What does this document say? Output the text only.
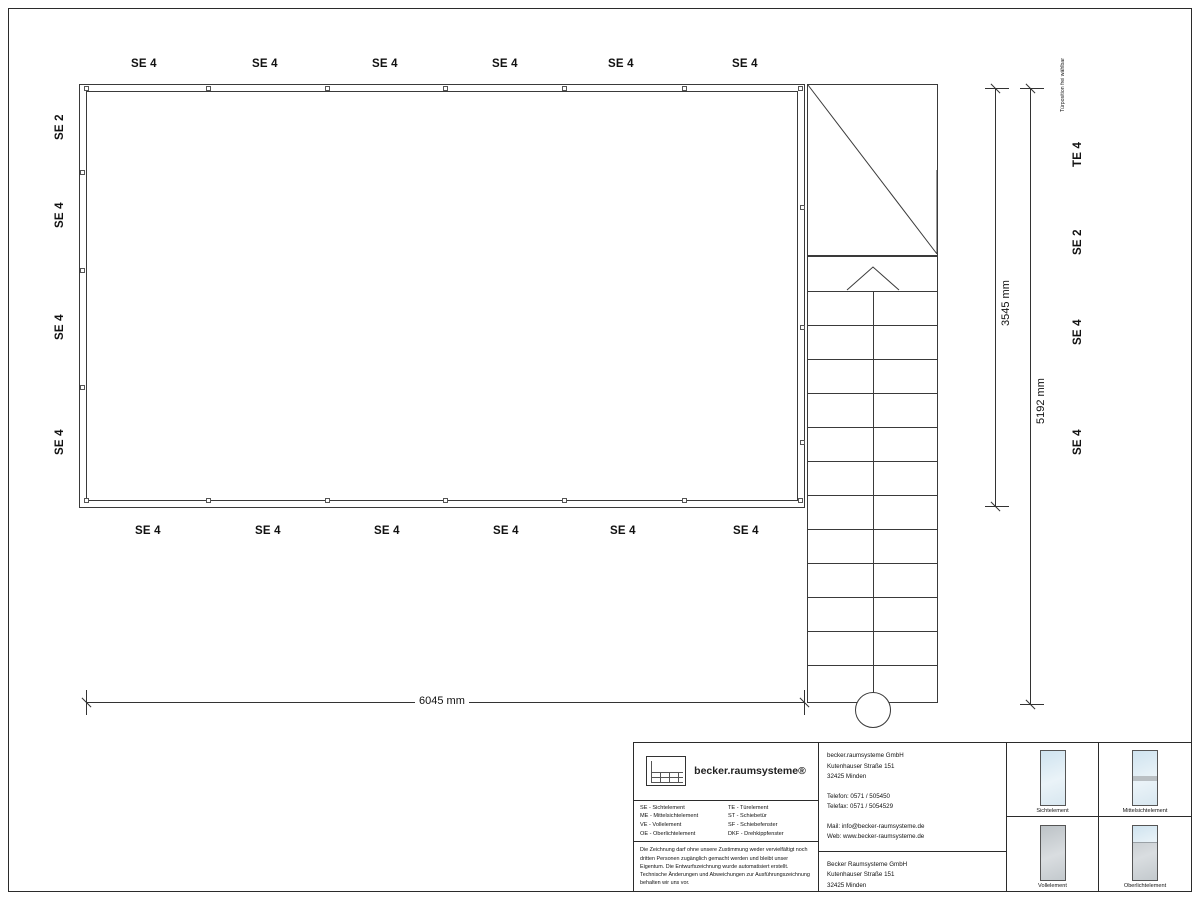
SE 4	SE 4	SE 4	SE 4	SE 4	SE 4
SE 4	SE 4	SE 4	SE 4	SE 4	SE 4
SE 2
SE 4
SE 4
SE 4
TE 4
SE 2
SE 4
SE 4
Türposition frei wählbar
6045 mm
3545 mm
5192 mm
becker.raumsysteme®
SE - Sichtelement	TE - Türelement
ME - Mittelsichtelement	ST - Schiebetür
VE - Vollelement	SF - Schiebefenster
OE - Oberlichtelement	DKF - Drehkippfenster
Die Zeichnung darf ohne unsere Zustimmung weder vervielfältigt noch dritten Personen zugänglich gemacht werden und bleibt unser Eigentum. Die Entwurfszeichnung wurde automatisiert erstellt. Technische Änderungen und Abweichungen zur Ausführungszeichnung behalten wir uns vor.
becker.raumsysteme GmbH
Kutenhauser Straße 151
32425 Minden
Telefon: 0571 / 505450
Telefax: 0571 / 5054529
Mail: info@becker-raumsysteme.de
Web: www.becker-raumsysteme.de
Becker Raumsysteme GmbH
Kutenhauser Straße 151
32425 Minden
Sichtelement	Mittelsichtelement
Vollelement	Oberlichtelement
